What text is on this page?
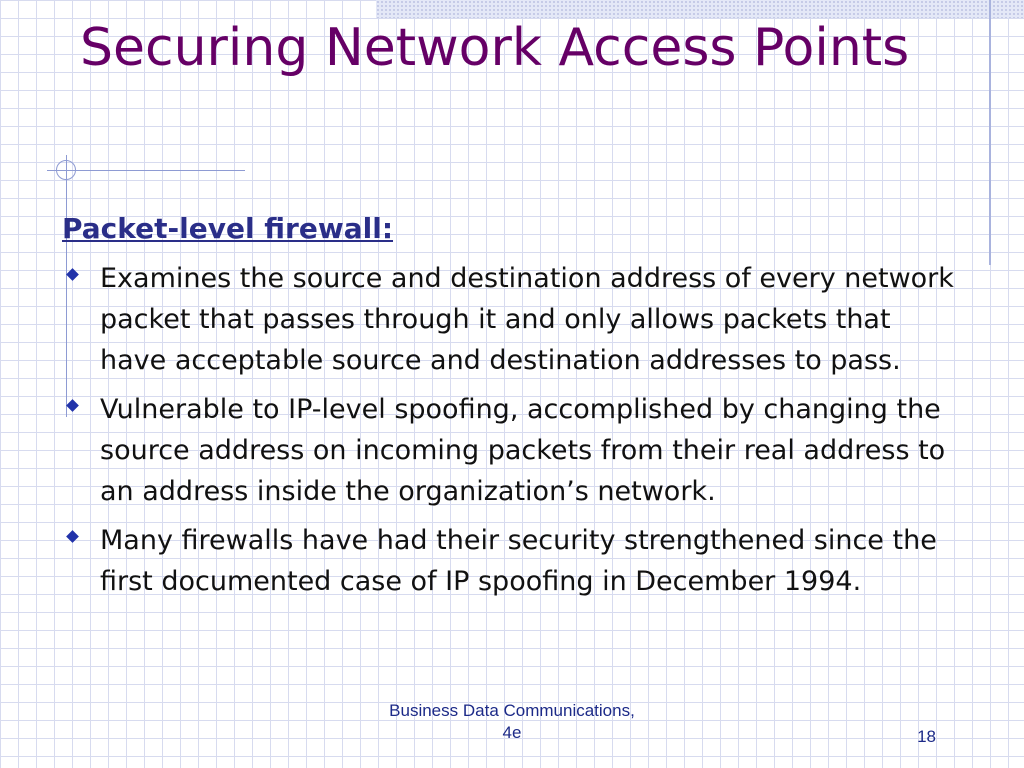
Securing Network Access Points
Packet-level firewall:
Examines the source and destination address of every network packet that passes through it and only allows packets that have acceptable source and destination addresses to pass.
Vulnerable to IP-level spoofing, accomplished by changing the source address on incoming packets from their real address to an address inside the organization’s network.
Many firewalls have had their security strengthened since the first documented case of IP spoofing in December 1994.
Business Data Communications,
4e	18
